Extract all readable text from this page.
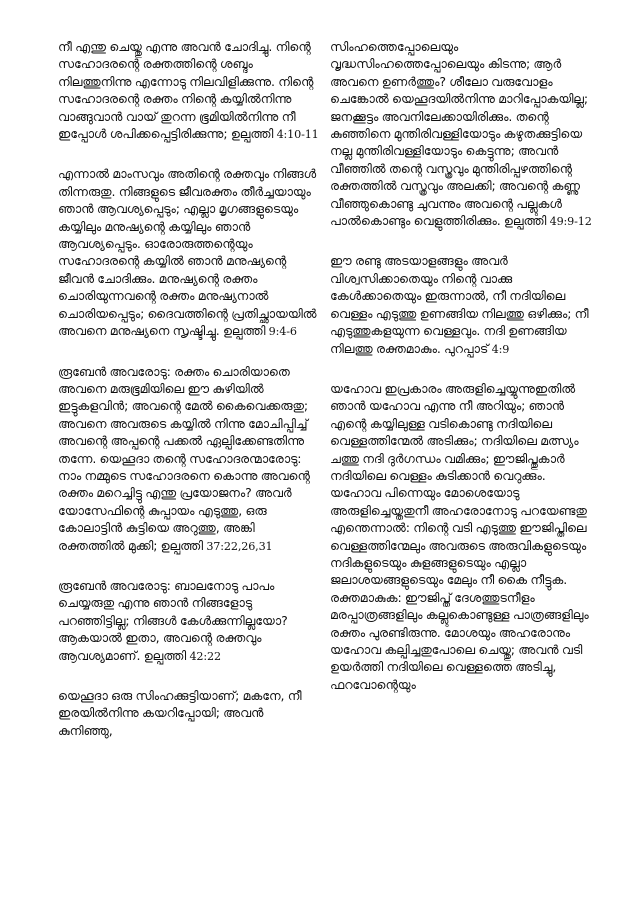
നീ എന്തു ചെയ്തു എന്നു അവൻ ചോദിച്ചു. നിന്റെ സഹോദരന്റെ രക്തത്തിന്റെ ശബ്ദം നിലത്തുനിന്നു എന്നോടു നിലവിളിക്കുന്നു. നിന്റെ സഹോദരന്റെ രക്തം നിന്റെ കയ്യിൽനിന്നു വാങ്ങുവാൻ വായ് തുറന്ന ഭൂമിയിൽനിന്നു നീ ഇപ്പോൾ ശപിക്കപ്പെട്ടിരിക്കുന്നു; ഉല്പത്തി 4:10-11

എന്നാൽ മാംസവും അതിന്റെ രക്തവും നിങ്ങൾ തിന്നരുതു. നിങ്ങളുടെ ജീവരക്തം തീർച്ചയായും ഞാൻ ആവശ്യപ്പെടും; എല്ലാ മൃഗങ്ങളുടെയും കയ്യിലും മനുഷ്യന്റെ കയ്യിലും ഞാൻ ആവശ്യപ്പെടും. ഓരോരുത്തന്റെയും സഹോദരന്റെ കയ്യിൽ ഞാൻ മനുഷ്യന്റെ ജീവൻ ചോദിക്കും. മനുഷ്യന്റെ രക്തം ചൊരിയുന്നവന്റെ രക്തം മനുഷ്യനാൽ ചൊരിയപ്പെടും; ദൈവത്തിന്റെ പ്രതിച്ഛായയിൽ അവനെ മനുഷ്യനെ സൃഷ്ടിച്ചു. ഉല്പത്തി 9:4-6

രൂബേൻ അവരോടു: രക്തം ചൊരിയാതെ അവനെ മരുഭൂമിയിലെ ഈ കുഴിയിൽ ഇട്ടുകളവിൻ; അവന്റെ മേൽ കൈവെക്കരുതു; അവനെ അവരുടെ കയ്യിൽ നിന്നു മോചിപ്പിച്ച് അവന്റെ അപ്പന്റെ പക്കൽ ഏല്പിക്കേണ്ടതിന്നു തന്നേ. യെഹൂദാ തന്റെ സഹോദരന്മാരോടു: നാം നമ്മുടെ സഹോദരനെ കൊന്നു അവന്റെ രക്തം മറെച്ചിട്ടു എന്തു പ്രയോജനം? അവർ യോസേഫിന്റെ കുപ്പായം എടുത്തു, ഒരു കോലാട്ടിൻ കുട്ടിയെ അറുത്തു, അങ്കി രക്തത്തിൽ മുക്കി; ഉല്പത്തി 37:22,26,31

രൂബേൻ അവരോടു: ബാലനോടു പാപം ചെയ്യരുതു എന്നു ഞാൻ നിങ്ങളോടു പറഞ്ഞിട്ടില്ല; നിങ്ങൾ കേൾക്കുന്നില്ലയോ? ആകയാൽ ഇതാ, അവന്റെ രക്തവും ആവശ്യമാണ്. ഉല്പത്തി 42:22

യെഹൂദാ ഒരു സിംഹക്കുട്ടിയാണ്; മകനേ, നീ ഇരയിൽനിന്നു കയറിപ്പോയി; അവൻ കുനിഞ്ഞു,

സിംഹത്തെപ്പോലെയും വൃദ്ധസിംഹത്തെപ്പോലെയും കിടന്നു; ആർ അവനെ ഉണർത്തും? ശീലോ വരുവോളം ചെങ്കോൽ യെഹൂദയിൽനിന്നു മാറിപ്പോകയില്ല; ജനക്കൂട്ടം അവനിലേക്കായിരിക്കും. തന്റെ കുഞ്ഞിനെ മുന്തിരിവള്ളിയോടും കഴുതക്കുട്ടിയെ നല്ല മുന്തിരിവള്ളിയോടും കെട്ടുന്നു; അവൻ വീഞ്ഞിൽ തന്റെ വസ്ത്രവും മുന്തിരിപ്പഴത്തിന്റെ രക്തത്തിൽ വസ്ത്രവും അലക്കി; അവന്റെ കണ്ണു വീഞ്ഞുകൊണ്ടു ചുവന്നും അവന്റെ പല്ലുകൾ പാൽകൊണ്ടും വെളുത്തിരിക്കും. ഉല്പത്തി 49:9-12

ഈ രണ്ടു അടയാളങ്ങളും അവർ വിശ്വസിക്കാതെയും നിന്റെ വാക്കു കേൾക്കാതെയും ഇരുന്നാൽ, നീ നദിയിലെ വെള്ളം എടുത്തു ഉണങ്ങിയ നിലത്തു ഒഴിക്കും; നീ എടുത്തുകളയുന്ന വെള്ളവും. നദി ഉണങ്ങിയ നിലത്തു രക്തമാകും. പുറപ്പാട് 4:9

യഹോവ ഇപ്രകാരം അരുളിച്ചെയ്യുന്നുഇതിൽ ഞാൻ യഹോവ എന്നു നീ അറിയും; ഞാൻ എന്റെ കയ്യിലുള്ള വടികൊണ്ടു നദിയിലെ വെള്ളത്തിന്മേൽ അടിക്കും; നദിയിലെ മത്സ്യം ചത്തു നദി ദുർഗന്ധം വമിക്കും; ഈജിപ്തുകാർ നദിയിലെ വെള്ളം കുടിക്കാൻ വെറുക്കും. യഹോവ പിന്നെയും മോശെയോടു അരുളിച്ചെയ്തതുനീ അഹരോനോടു പറയേണ്ടതു എന്തെന്നാൽ: നിന്റെ വടി എടുത്തു ഈജിപ്തിലെ വെള്ളത്തിന്മേലും അവരുടെ അരുവികളുടെയും നദികളുടെയും കുളങ്ങളുടെയും എല്ലാ ജലാശയങ്ങളുടെയും മേലും നീ കൈ നീട്ടുക. രക്തമാകുക: ഈജിപ്ത് ദേശത്തുടനീളം മരപ്പാത്രങ്ങളിലും കല്ലുകൊണ്ടുള്ള പാത്രങ്ങളിലും രക്തം പുരണ്ടിരുന്നു. മോശയും അഹരോനും യഹോവ കല്പിച്ചതുപോലെ ചെയ്തു; അവൻ വടി ഉയർത്തി നദിയിലെ വെള്ളത്തെ അടിച്ചു, ഫറവോന്റെയും
